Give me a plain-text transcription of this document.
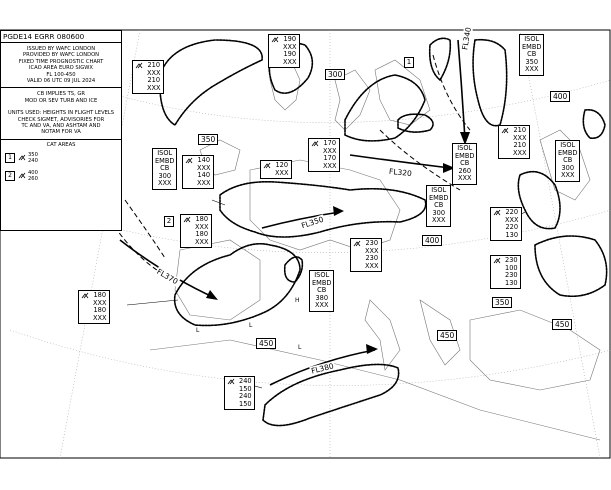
PGDE14 EGRR 080600

ISSUED BY WAFC LONDON

PROVIDED BY WAFC LONDON

FIXED TIME PROGNOSTIC CHART

ICAO AREA EURO SIGWX

FL 100-450

VALID 06 UTC 09 JUL 2024

CB IMPLIES TS, GR

MOD OR SEV TURB AND ICE

UNITS USED: HEIGHTS IN FLIGHT LEVELS

CHECK SIGMET, ADVISORIES FOR

TC AND VA, AND ASHTAM AND

NOTAM FOR VA

CAT AREAS
1	350
240
2	400
260
ISOL
EMBD
CB
350
XXX
ISOL
EMBD
CB
300
XXX
ISOL
EMBD
CB
260
XXX
ISOL
EMBD
CB
300
XXX
ISOL
EMBD
CB
300
XXX
ISOL
EMBD
CB
380
XXX
190
XXX
190
XXX
210
XXX
210
XXX
140
XXX
140
XXX
120
XXX
170
XXX
170
XXX
180
XXX
180
XXX	230
XXX
230
XXX
210
XXX
210
XXX
220
XXX
220
130
230
100
230
130
180
XXX
180
XXX
240
150
240
150
300
400
350
400
350
450
450
450
1
2
FL340
FL320
FL350
FL370
FL380
L
L
H
L
